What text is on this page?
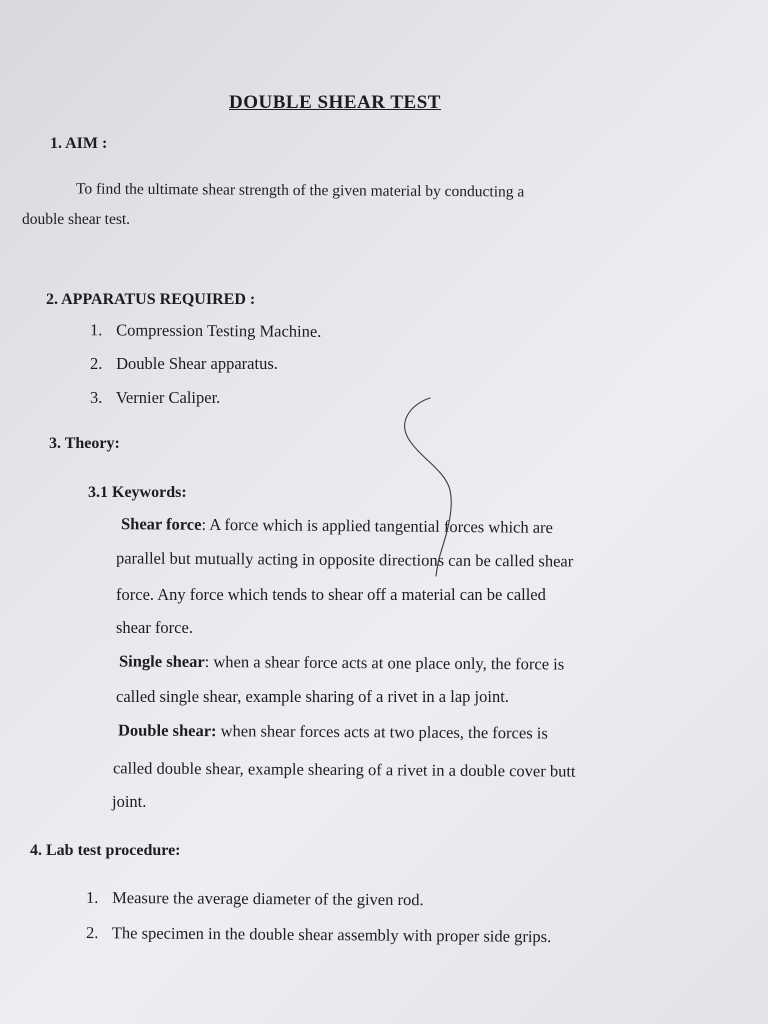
DOUBLE SHEAR TEST
1. AIM :
To find the ultimate shear strength of the given material by conducting a
double shear test.
2. APPARATUS REQUIRED :
1. Compression Testing Machine.
2. Double Shear apparatus.
3. Vernier Caliper.
3. Theory:
3.1 Keywords:
Shear force: A force which is applied tangential forces which are
parallel but mutually acting in opposite directions can be called shear
force. Any force which tends to shear off a material can be called
shear force.
Single shear: when a shear force acts at one place only, the force is
called single shear, example sharing of a rivet in a lap joint.
Double shear: when shear forces acts at two places, the forces is
called double shear, example shearing of a rivet in a double cover butt
joint.
4. Lab test procedure:
1. Measure the average diameter of the given rod.
2. The specimen in the double shear assembly with proper side grips.
